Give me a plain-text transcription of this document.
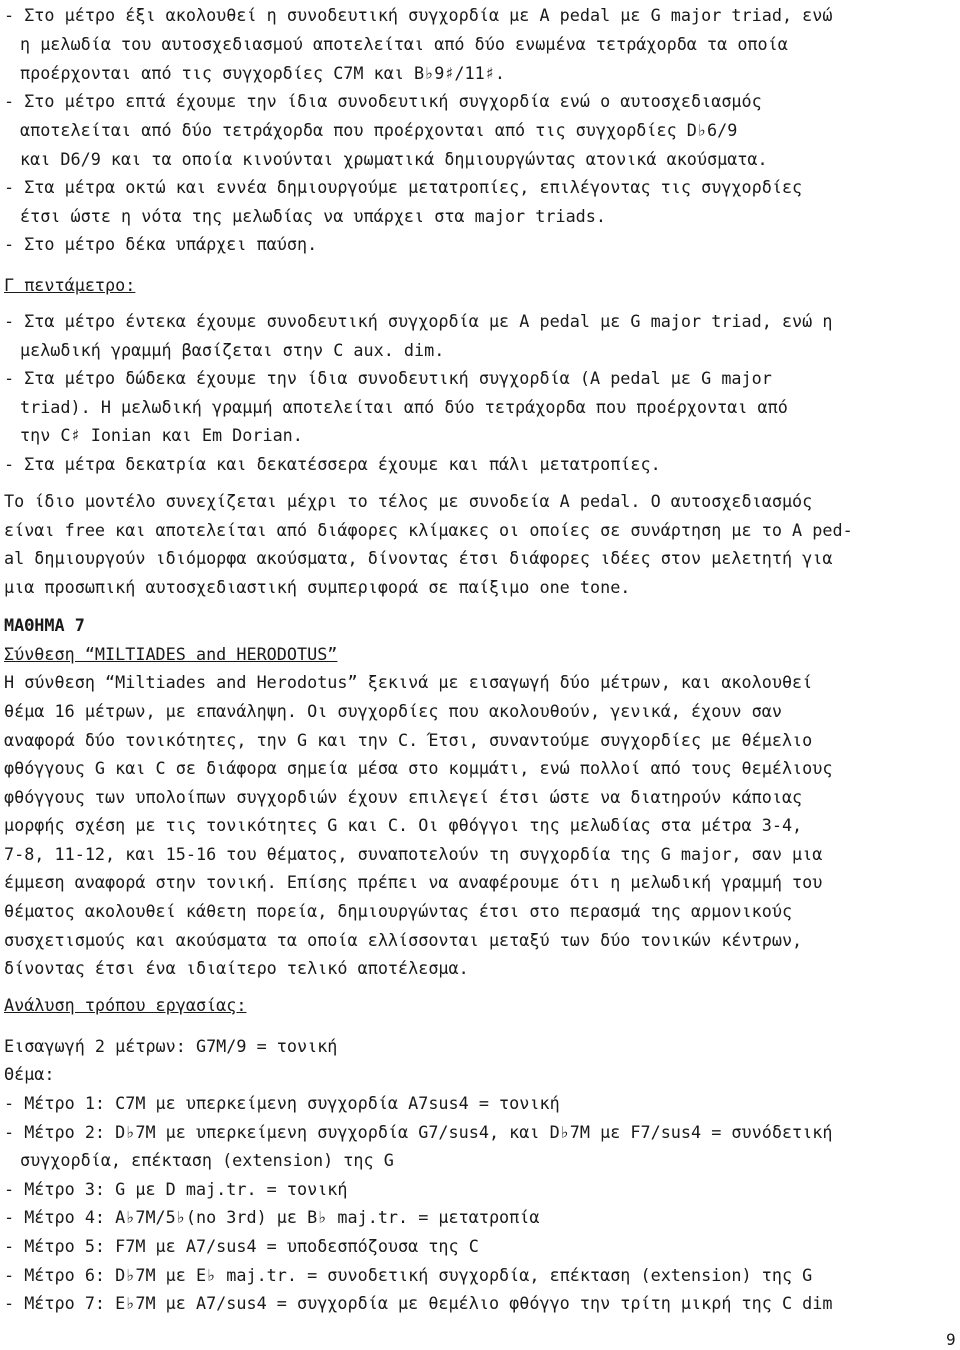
- Στο μέτρο έξι ακολουθεί η συνοδευτική συγχορδία με A pedal με G major triad, ενώ
η μελωδία του αυτοσχεδιασμού αποτελείται από δύο ενωμένα τετράχορδα τα οποία
προέρχονται από τις συγχορδίες C7M και B♭9♯/11♯.
- Στο μέτρο επτά έχουμε την ίδια συνοδευτική συγχορδία ενώ ο αυτοσχεδιασμός
αποτελείται από δύο τετράχορδα που προέρχονται από τις συγχορδίες D♭6/9
και D6/9 και τα οποία κινούνται χρωματικά δημιουργώντας ατονικά ακούσματα.
- Στα μέτρα οκτώ και εννέα δημιουργούμε μετατροπίες, επιλέγοντας τις συγχορδίες
έτσι ώστε η νότα της μελωδίας να υπάρχει στα major triads.
- Στο μέτρο δέκα υπάρχει παύση.
Γ πεντάμετρο:
- Στα μέτρο έντεκα έχουμε συνοδευτική συγχορδία με A pedal με G major triad, ενώ η
μελωδική γραμμή βασίζεται στην C aux. dim.
- Στα μέτρο δώδεκα έχουμε την ίδια συνοδευτική συγχορδία (A pedal με G major
triad). Η μελωδική γραμμή αποτελείται από δύο τετράχορδα που προέρχονται από
την C♯ Ionian και Em Dorian.
- Στα μέτρα δεκατρία και δεκατέσσερα έχουμε και πάλι μετατροπίες.
Το ίδιο μοντέλο συνεχίζεται μέχρι το τέλος με συνοδεία A pedal. Ο αυτοσχεδιασμός
είναι free και αποτελείται από διάφορες κλίμακες οι οποίες σε συνάρτηση με το A ped-
al δημιουργούν ιδιόμορφα ακούσματα, δίνοντας έτσι διάφορες ιδέες στον μελετητή για
μια προσωπική αυτοσχεδιαστική συμπεριφορά σε παίξιμο one tone.
ΜΑΘΗΜΑ 7
Σύνθεση “MILTIADES and HERODOTUS”
Η σύνθεση “Miltiades and Herodotus” ξεκινά με εισαγωγή δύο μέτρων, και ακολουθεί
θέμα 16 μέτρων, με επανάληψη. Οι συγχορδίες που ακολουθούν, γενικά, έχουν σαν
αναφορά δύο τονικότητες, την G και την C. Έτσι, συναντούμε συγχορδίες με θέμελιο
φθόγγους G και C σε διάφορα σημεία μέσα στο κομμάτι, ενώ πολλοί από τους θεμέλιους
φθόγγους των υπολοίπων συγχορδιών έχουν επιλεγεί έτσι ώστε να διατηρούν κάποιας
μορφής σχέση με τις τονικότητες G και C. Οι φθόγγοι της μελωδίας στα μέτρα 3-4,
7-8, 11-12, και 15-16 του θέματος, συναποτελούν τη συγχορδία της G major, σαν μια
έμμεση αναφορά στην τονική. Επίσης πρέπει να αναφέρουμε ότι η μελωδική γραμμή του
θέματος ακολουθεί κάθετη πορεία, δημιουργώντας έτσι στο περασμά της αρμονικούς
συσχετισμούς και ακούσματα τα οποία ελλίσσονται μεταξύ των δύο τονικών κέντρων,
δίνοντας έτσι ένα ιδιαίτερο τελικό αποτέλεσμα.
Ανάλυση τρόπου εργασίας:
Εισαγωγή 2 μέτρων: G7M/9 = τονική
Θέμα:
- Μέτρο 1: C7M με υπερκείμενη συγχορδία A7sus4 = τονική
- Μέτρο 2: D♭7M με υπερκείμενη συγχορδία G7/sus4, και D♭7M με F7/sus4 = συνόδετική
συγχορδία, επέκταση (extension) της G
- Μέτρο 3: G με D maj.tr. = τονική
- Μέτρο 4: A♭7M/5♭(no 3rd) με B♭ maj.tr. = μετατροπία
- Μέτρο 5: F7M με A7/sus4 = υποδεσπόζουσα της C
- Μέτρο 6: D♭7M με E♭ maj.tr. = συνοδετική συγχορδία, επέκταση (extension) της G
- Μέτρο 7: E♭7M με A7/sus4 = συγχορδία με θεμέλιο φθόγγο την τρίτη μικρή της C dim
9
